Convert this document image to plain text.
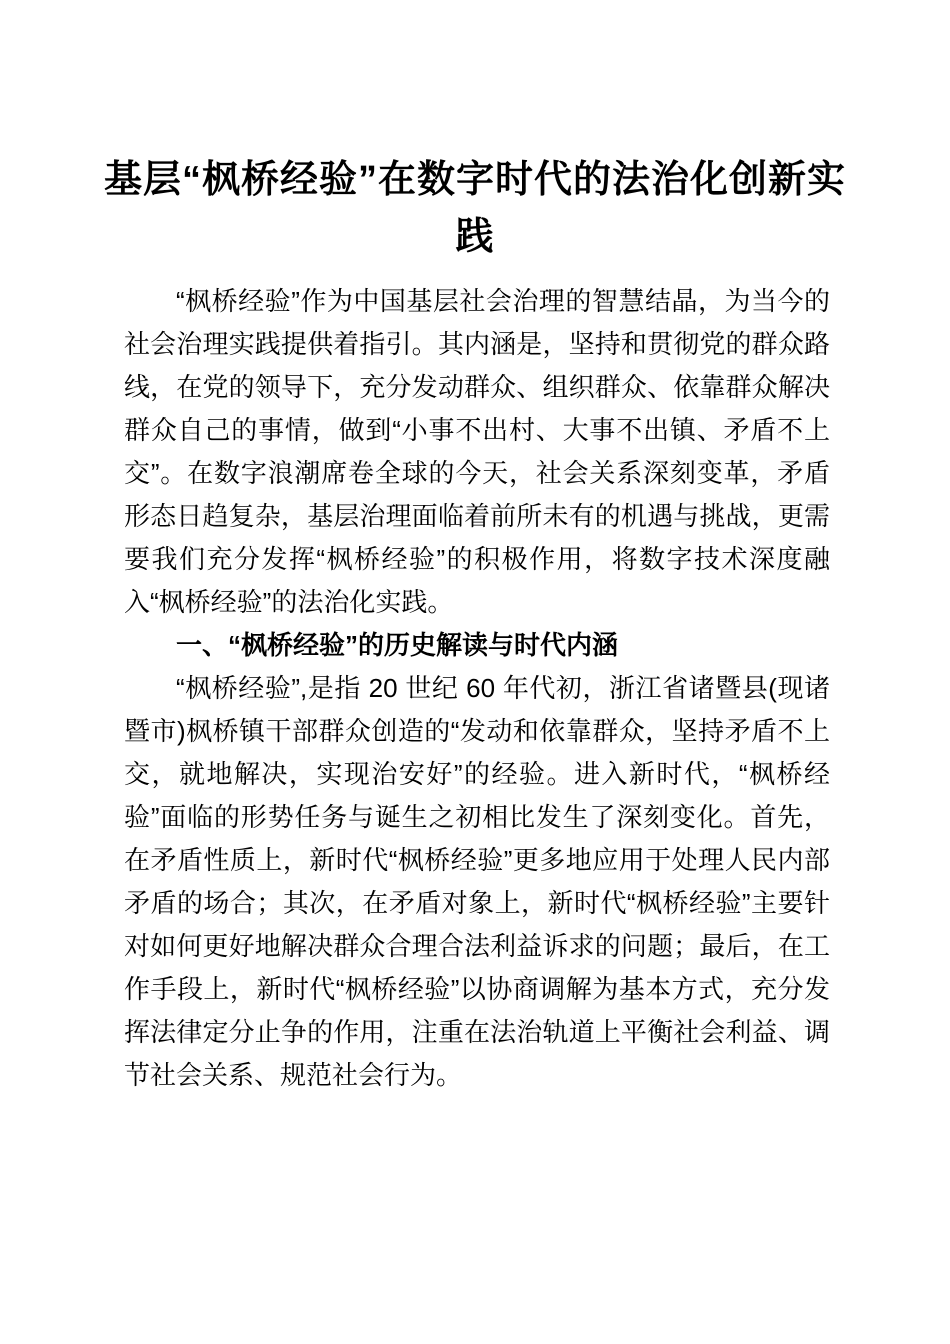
基层“枫桥经验”在数字时代的法治化创新实践

“枫桥经验”作为中国基层社会治理的智慧结晶，为当今的社会治理实践提供着指引。其内涵是，坚持和贯彻党的群众路线，在党的领导下，充分发动群众、组织群众、依靠群众解决群众自己的事情，做到“小事不出村、大事不出镇、矛盾不上交”。在数字浪潮席卷全球的今天，社会关系深刻变革，矛盾形态日趋复杂，基层治理面临着前所未有的机遇与挑战，更需要我们充分发挥“枫桥经验”的积极作用，将数字技术深度融入“枫桥经验”的法治化实践。

一、“枫桥经验”的历史解读与时代内涵

“枫桥经验”,是指 20 世纪 60 年代初，浙江省诸暨县(现诸暨市)枫桥镇干部群众创造的“发动和依靠群众，坚持矛盾不上交，就地解决，实现治安好”的经验。进入新时代，“枫桥经验”面临的形势任务与诞生之初相比发生了深刻变化。首先，在矛盾性质上，新时代“枫桥经验”更多地应用于处理人民内部矛盾的场合；其次，在矛盾对象上，新时代“枫桥经验”主要针对如何更好地解决群众合理合法利益诉求的问题；最后，在工作手段上，新时代“枫桥经验”以协商调解为基本方式，充分发挥法律定分止争的作用，注重在法治轨道上平衡社会利益、调节社会关系、规范社会行为。
